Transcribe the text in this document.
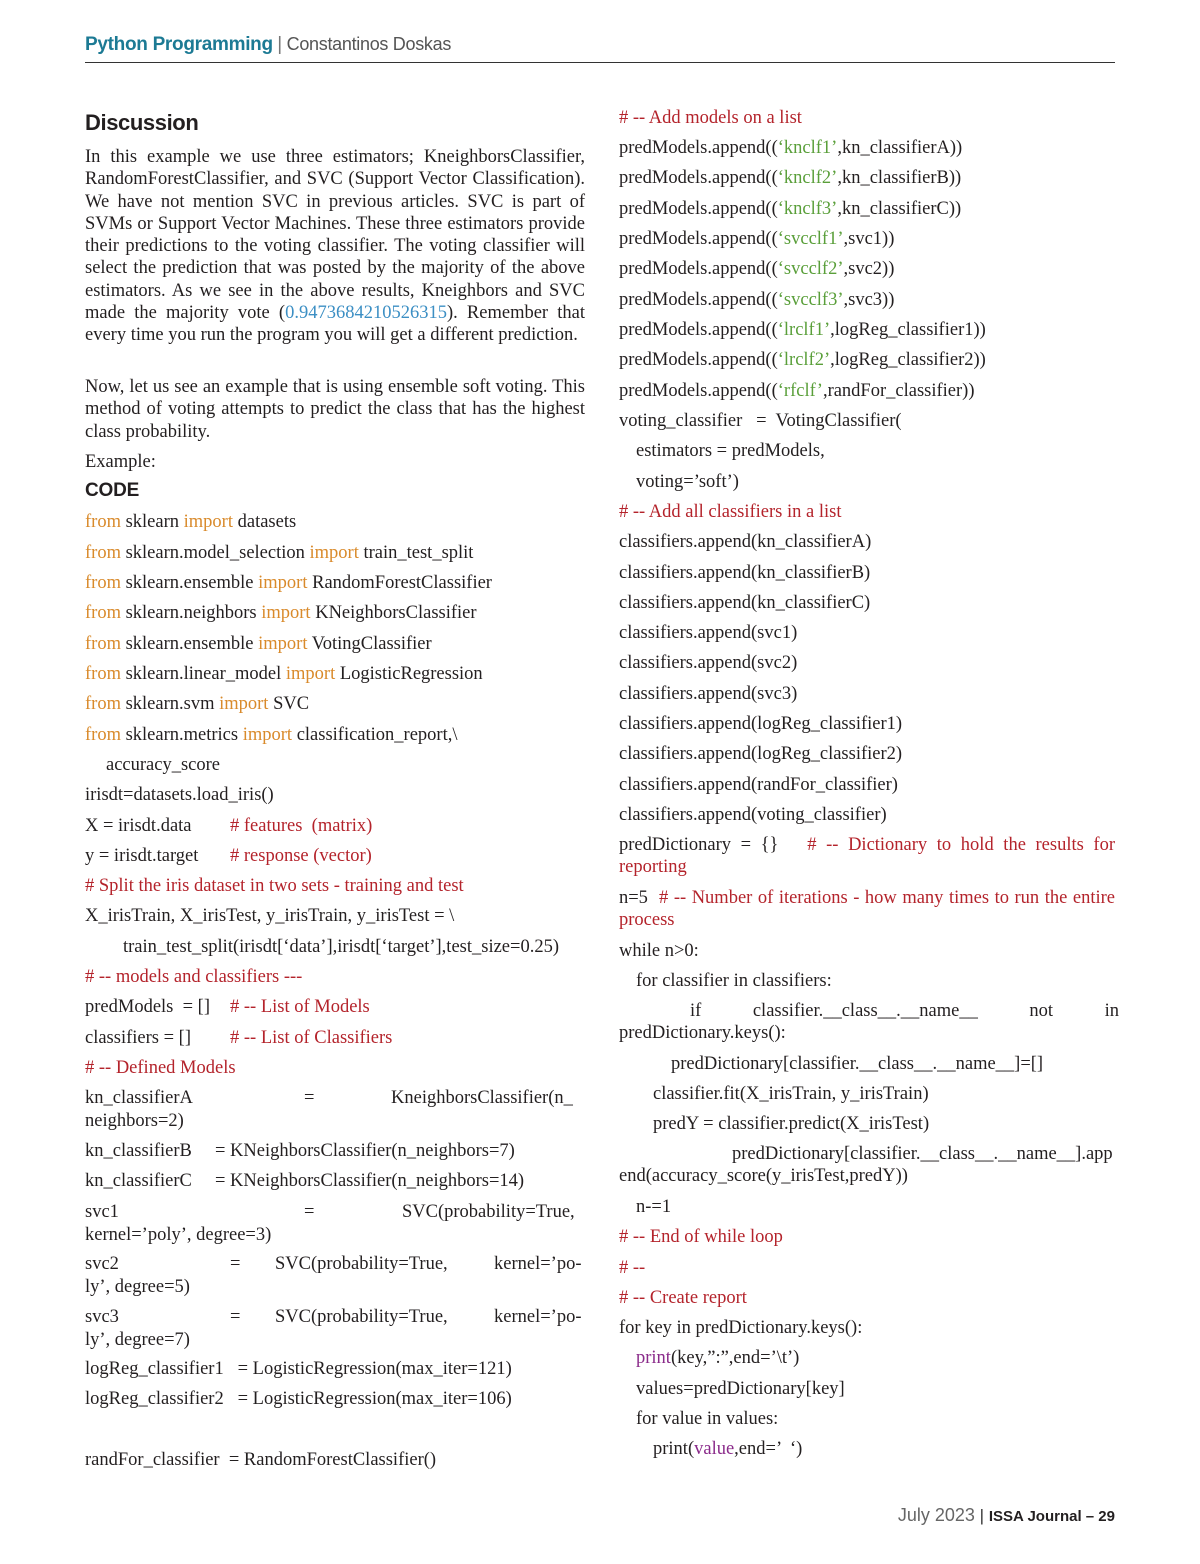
Python Programming | Constantinos Doskas
Discussion
In this example we use three estimators; KneighborsClassifier, RandomForestClassifier, and SVC (Support Vector Classification). We have not mention SVC in previous articles. SVC is part of SVMs or Support Vector Machines. These three estimators provide their predictions to the voting classifier. The voting classifier will select the prediction that was posted by the majority of the above estimators. As we see in the above results, Kneighbors and SVC made the majority vote (0.9473684210526315). Remember that every time you run the program you will get a different prediction.
Now, let us see an example that is using ensemble soft voting. This method of voting attempts to predict the class that has the highest class probability.
Example:
CODE
from sklearn import datasets
from sklearn.model_selection import train_test_split
from sklearn.ensemble import RandomForestClassifier
from sklearn.neighbors import KNeighborsClassifier
from sklearn.ensemble import VotingClassifier
from sklearn.linear_model import LogisticRegression
from sklearn.svm import SVC
from sklearn.metrics import classification_report,\
accuracy_score
irisdt=datasets.load_iris()
X = irisdt.data # features  (matrix)
y = irisdt.target # response (vector)
# Split the iris dataset in two sets - training and test
X_irisTrain, X_irisTest, y_irisTrain, y_irisTest = \
train_test_split(irisdt[‘data’],irisdt[‘target’],test_size=0.25)
# -- models and classifiers ---
predModels  = [] # -- List of Models
classifiers = [] # -- List of Classifiers
# -- Defined Models
kn_classifierA	=	KneighborsClassifier(n_
neighbors=2)
kn_classifierB     = KNeighborsClassifier(n_neighbors=7)
kn_classifierC     = KNeighborsClassifier(n_neighbors=14)
svc1	=	SVC(probability=True,
kernel=’poly’, degree=3)
svc2	= SVC(probability=True,	kernel=’po-
ly’, degree=5)
svc3	= SVC(probability=True,	kernel=’po-
ly’, degree=7)
logReg_classifier1   = LogisticRegression(max_iter=121)
logReg_classifier2   = LogisticRegression(max_iter=106)
randFor_classifier  = RandomForestClassifier()
# -- Add models on a list
predModels.append((‘knclf1’,kn_classifierA))
predModels.append((‘knclf2’,kn_classifierB))
predModels.append((‘knclf3’,kn_classifierC))
predModels.append((‘svcclf1’,svc1))
predModels.append((‘svcclf2’,svc2))
predModels.append((‘svcclf3’,svc3))
predModels.append((‘lrclf1’,logReg_classifier1))
predModels.append((‘lrclf2’,logReg_classifier2))
predModels.append((‘rfclf’,randFor_classifier))
voting_classifier   =  VotingClassifier(
estimators = predModels,
voting=’soft’)
# -- Add all classifiers in a list
classifiers.append(kn_classifierA)
classifiers.append(kn_classifierB)
classifiers.append(kn_classifierC)
classifiers.append(svc1)
classifiers.append(svc2)
classifiers.append(svc3)
classifiers.append(logReg_classifier1)
classifiers.append(logReg_classifier2)
classifiers.append(randFor_classifier)
classifiers.append(voting_classifier)
predDictionary = {} # -- Dictionary to hold the results for reporting
n=5 # -- Number of iterations - how many times to run the entire process
while n>0:
for classifier in classifiers:
if classifier.__class__.__name__ not in predDictionary.keys():
predDictionary[classifier.__class__.__name__]=[]
classifier.fit(X_irisTrain, y_irisTrain)
predY = classifier.predict(X_irisTest)
predDictionary[classifier.__class__.__name__].append(accuracy_score(y_irisTest,predY))
n-=1
# -- End of while loop
# --
# -- Create report
for key in predDictionary.keys():
print(key,”:”,end=’\t’)
values=predDictionary[key]
for value in values:
print(value,end=’  ‘)
July 2023 | ISSA Journal – 29
